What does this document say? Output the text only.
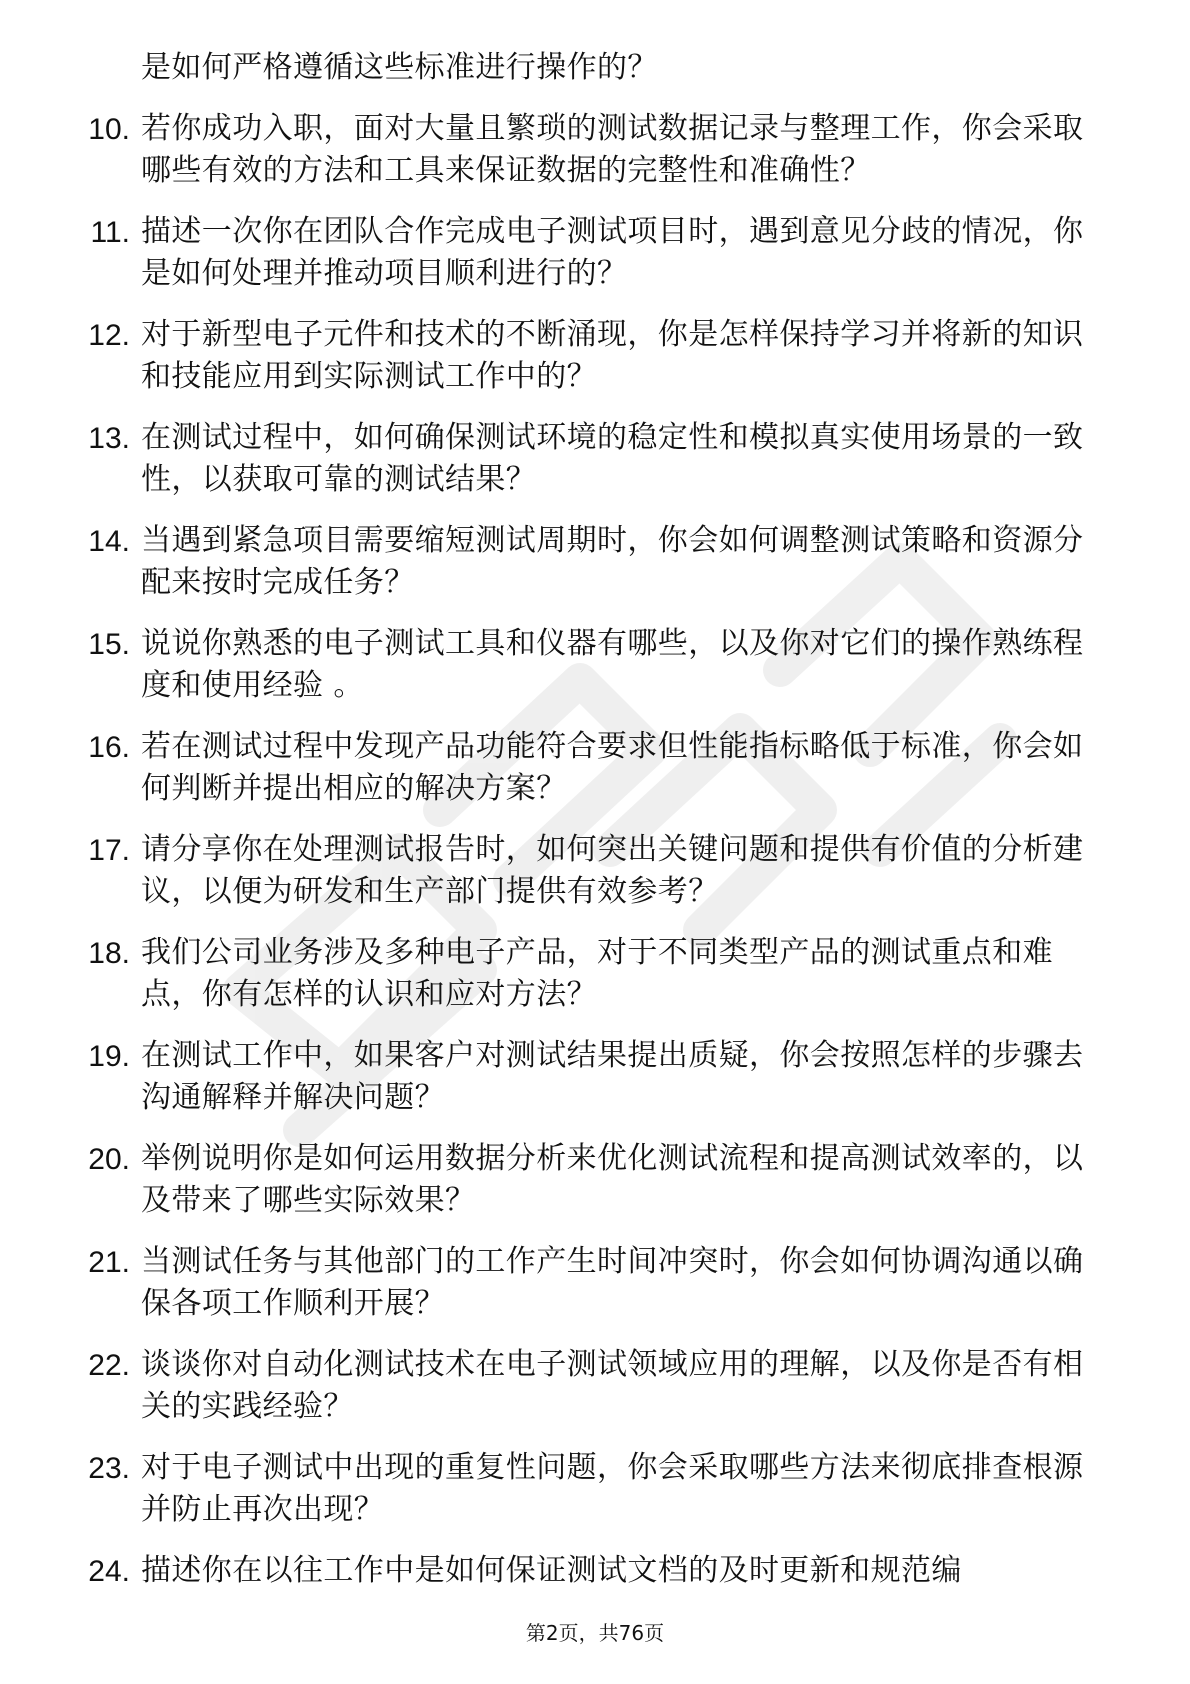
是如何严格遵循这些标准进行操作的？
10. 若你成功入职，面对大量且繁琐的测试数据记录与整理工作，你会采取哪些有效的方法和工具来保证数据的完整性和准确性？
11. 描述一次你在团队合作完成电子测试项目时，遇到意见分歧的情况，你是如何处理并推动项目顺利进行的？
12. 对于新型电子元件和技术的不断涌现，你是怎样保持学习并将新的知识和技能应用到实际测试工作中的？
13. 在测试过程中，如何确保测试环境的稳定性和模拟真实使用场景的一致性，以获取可靠的测试结果？
14. 当遇到紧急项目需要缩短测试周期时，你会如何调整测试策略和资源分配来按时完成任务？
15. 说说你熟悉的电子测试工具和仪器有哪些，以及你对它们的操作熟练程度和使用经验 。
16. 若在测试过程中发现产品功能符合要求但性能指标略低于标准，你会如何判断并提出相应的解决方案？
17. 请分享你在处理测试报告时，如何突出关键问题和提供有价值的分析建议，以便为研发和生产部门提供有效参考？
18. 我们公司业务涉及多种电子产品，对于不同类型产品的测试重点和难点，你有怎样的认识和应对方法？
19. 在测试工作中，如果客户对测试结果提出质疑，你会按照怎样的步骤去沟通解释并解决问题？
20. 举例说明你是如何运用数据分析来优化测试流程和提高测试效率的，以及带来了哪些实际效果？
21. 当测试任务与其他部门的工作产生时间冲突时，你会如何协调沟通以确保各项工作顺利开展？
22. 谈谈你对自动化测试技术在电子测试领域应用的理解，以及你是否有相关的实践经验？
23. 对于电子测试中出现的重复性问题，你会采取哪些方法来彻底排查根源并防止再次出现？
24. 描述你在以往工作中是如何保证测试文档的及时更新和规范编
第2页，共76页
